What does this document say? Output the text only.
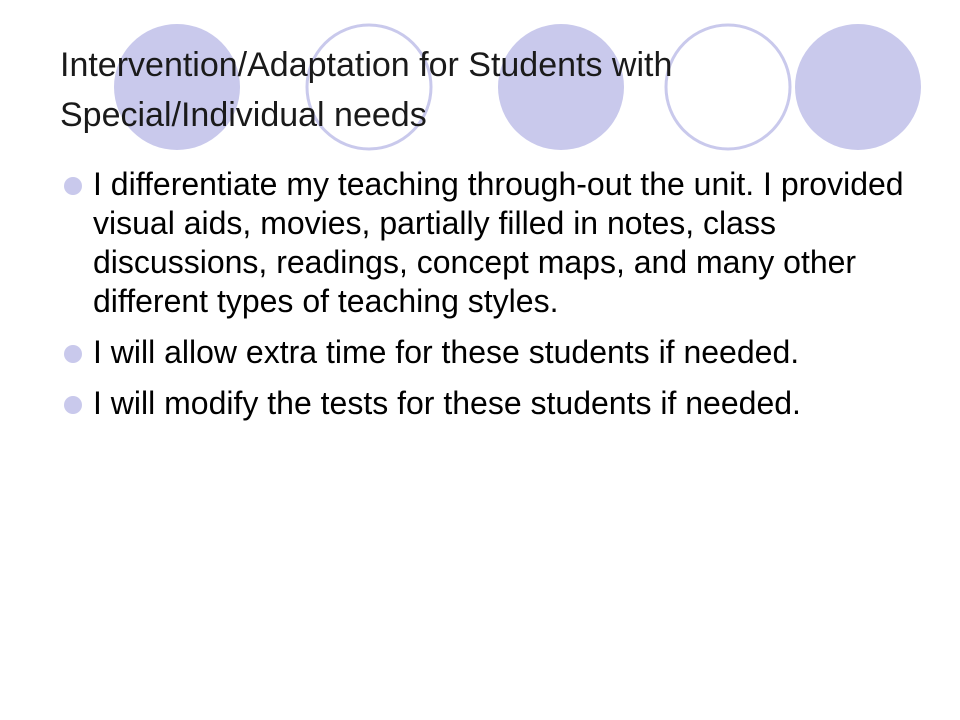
Intervention/Adaptation for Students with Special/Individual needs
I differentiate my teaching through-out the unit. I provided visual aids, movies, partially filled in notes, class discussions, readings, concept maps, and many other different types of teaching styles.
I will allow extra time for these students if needed.
I will modify the tests for these students if needed.
